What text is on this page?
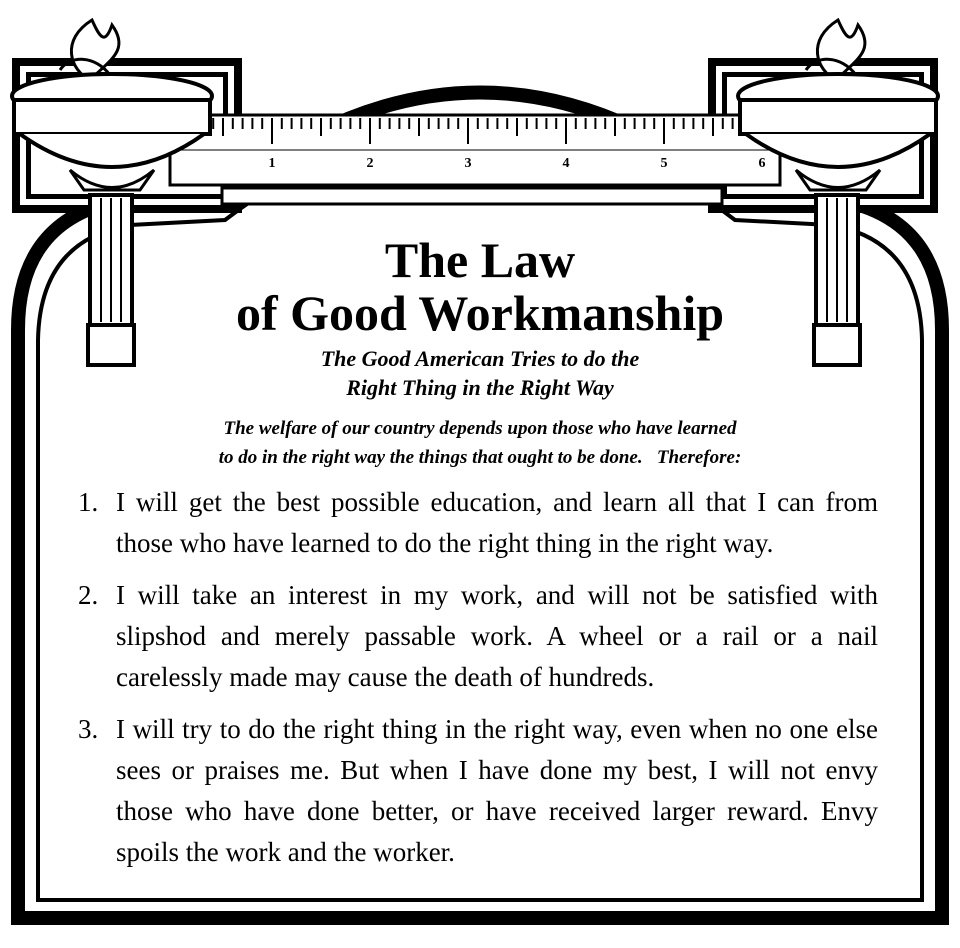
1	2	3	4	5	6
The Law
of Good Workmanship

The Good American Tries to do the

Right Thing in the Right Way

The welfare of our country depends upon those who have learned

to do in the right way the things that ought to be done.   Therefore:

1. I will get the best possible education, and learn all that I can from those who have learned to do the right thing in the right way.
2. I will take an interest in my work, and will not be satisfied with slipshod and merely passable work. A wheel or a rail or a nail carelessly made may cause the death of hundreds.
3. I will try to do the right thing in the right way, even when no one else sees or praises me. But when I have done my best, I will not envy those who have done better, or have received larger reward. Envy spoils the work and the worker.
